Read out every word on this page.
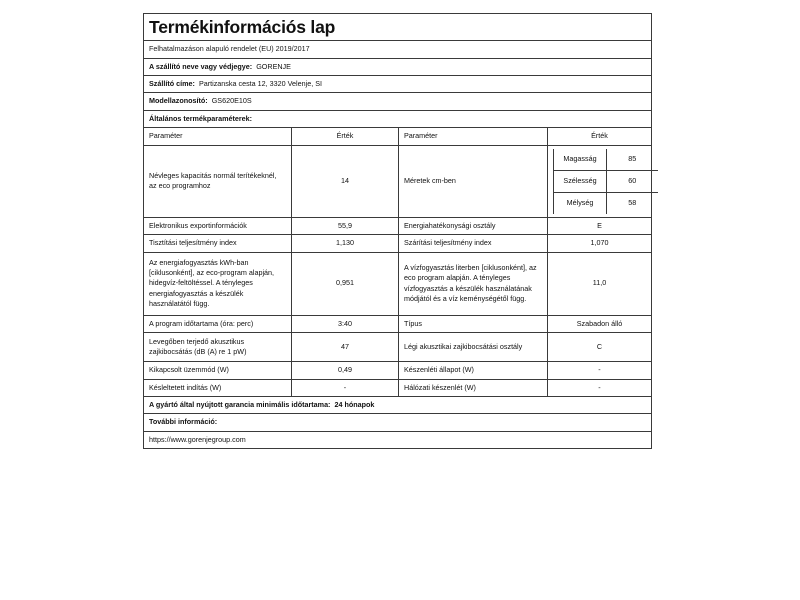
Termékinformációs lap

Felhatalmazáson alapuló rendelet (EU) 2019/2017

A szállító neve vagy védjegye: GORENJE
Szállító címe: Partizanska cesta 12, 3320 Velenje, SI
Modellazonosító: GS620E10S
Általános termékparaméterek:
Paraméter	Érték	Paraméter	Érték
Névleges kapacitás normál terítékeknél, az eco programhoz	14	Méretek cm-ben	
Magasság	85
Szélesség	60
Mélység	58

Elektronikus exportinformációk	55,9	Energiahatékonysági osztály	E
Tisztítási teljesítmény index	1,130	Szárítási teljesítmény index	1,070
Az energiafogyasztás kWh-ban [ciklusonként], az eco-program alapján, hidegvíz-feltöltéssel. A tényleges energiafogyasztás a készülék használatától függ.	0,951	A vízfogyasztás literben [ciklusonként], az eco program alapján. A tényleges vízfogyasztás a készülék használatának módjától és a víz keménységétől függ.	11,0
A program időtartama (óra: perc)	3:40	Típus	Szabadon álló
Levegőben terjedő akusztikus zajkibocsátás (dB (A) re 1 pW)	47	Légi akusztikai zajkibocsátási osztály	C
Kikapcsolt üzemmód (W)	0,49	Készenléti állapot (W)	-
Késleltetett indítás (W)	-	Hálózati készenlét (W)	-
A gyártó által nyújtott garancia minimális időtartama: 24 hónapok
További információ:
https://www.gorenjegroup.com
